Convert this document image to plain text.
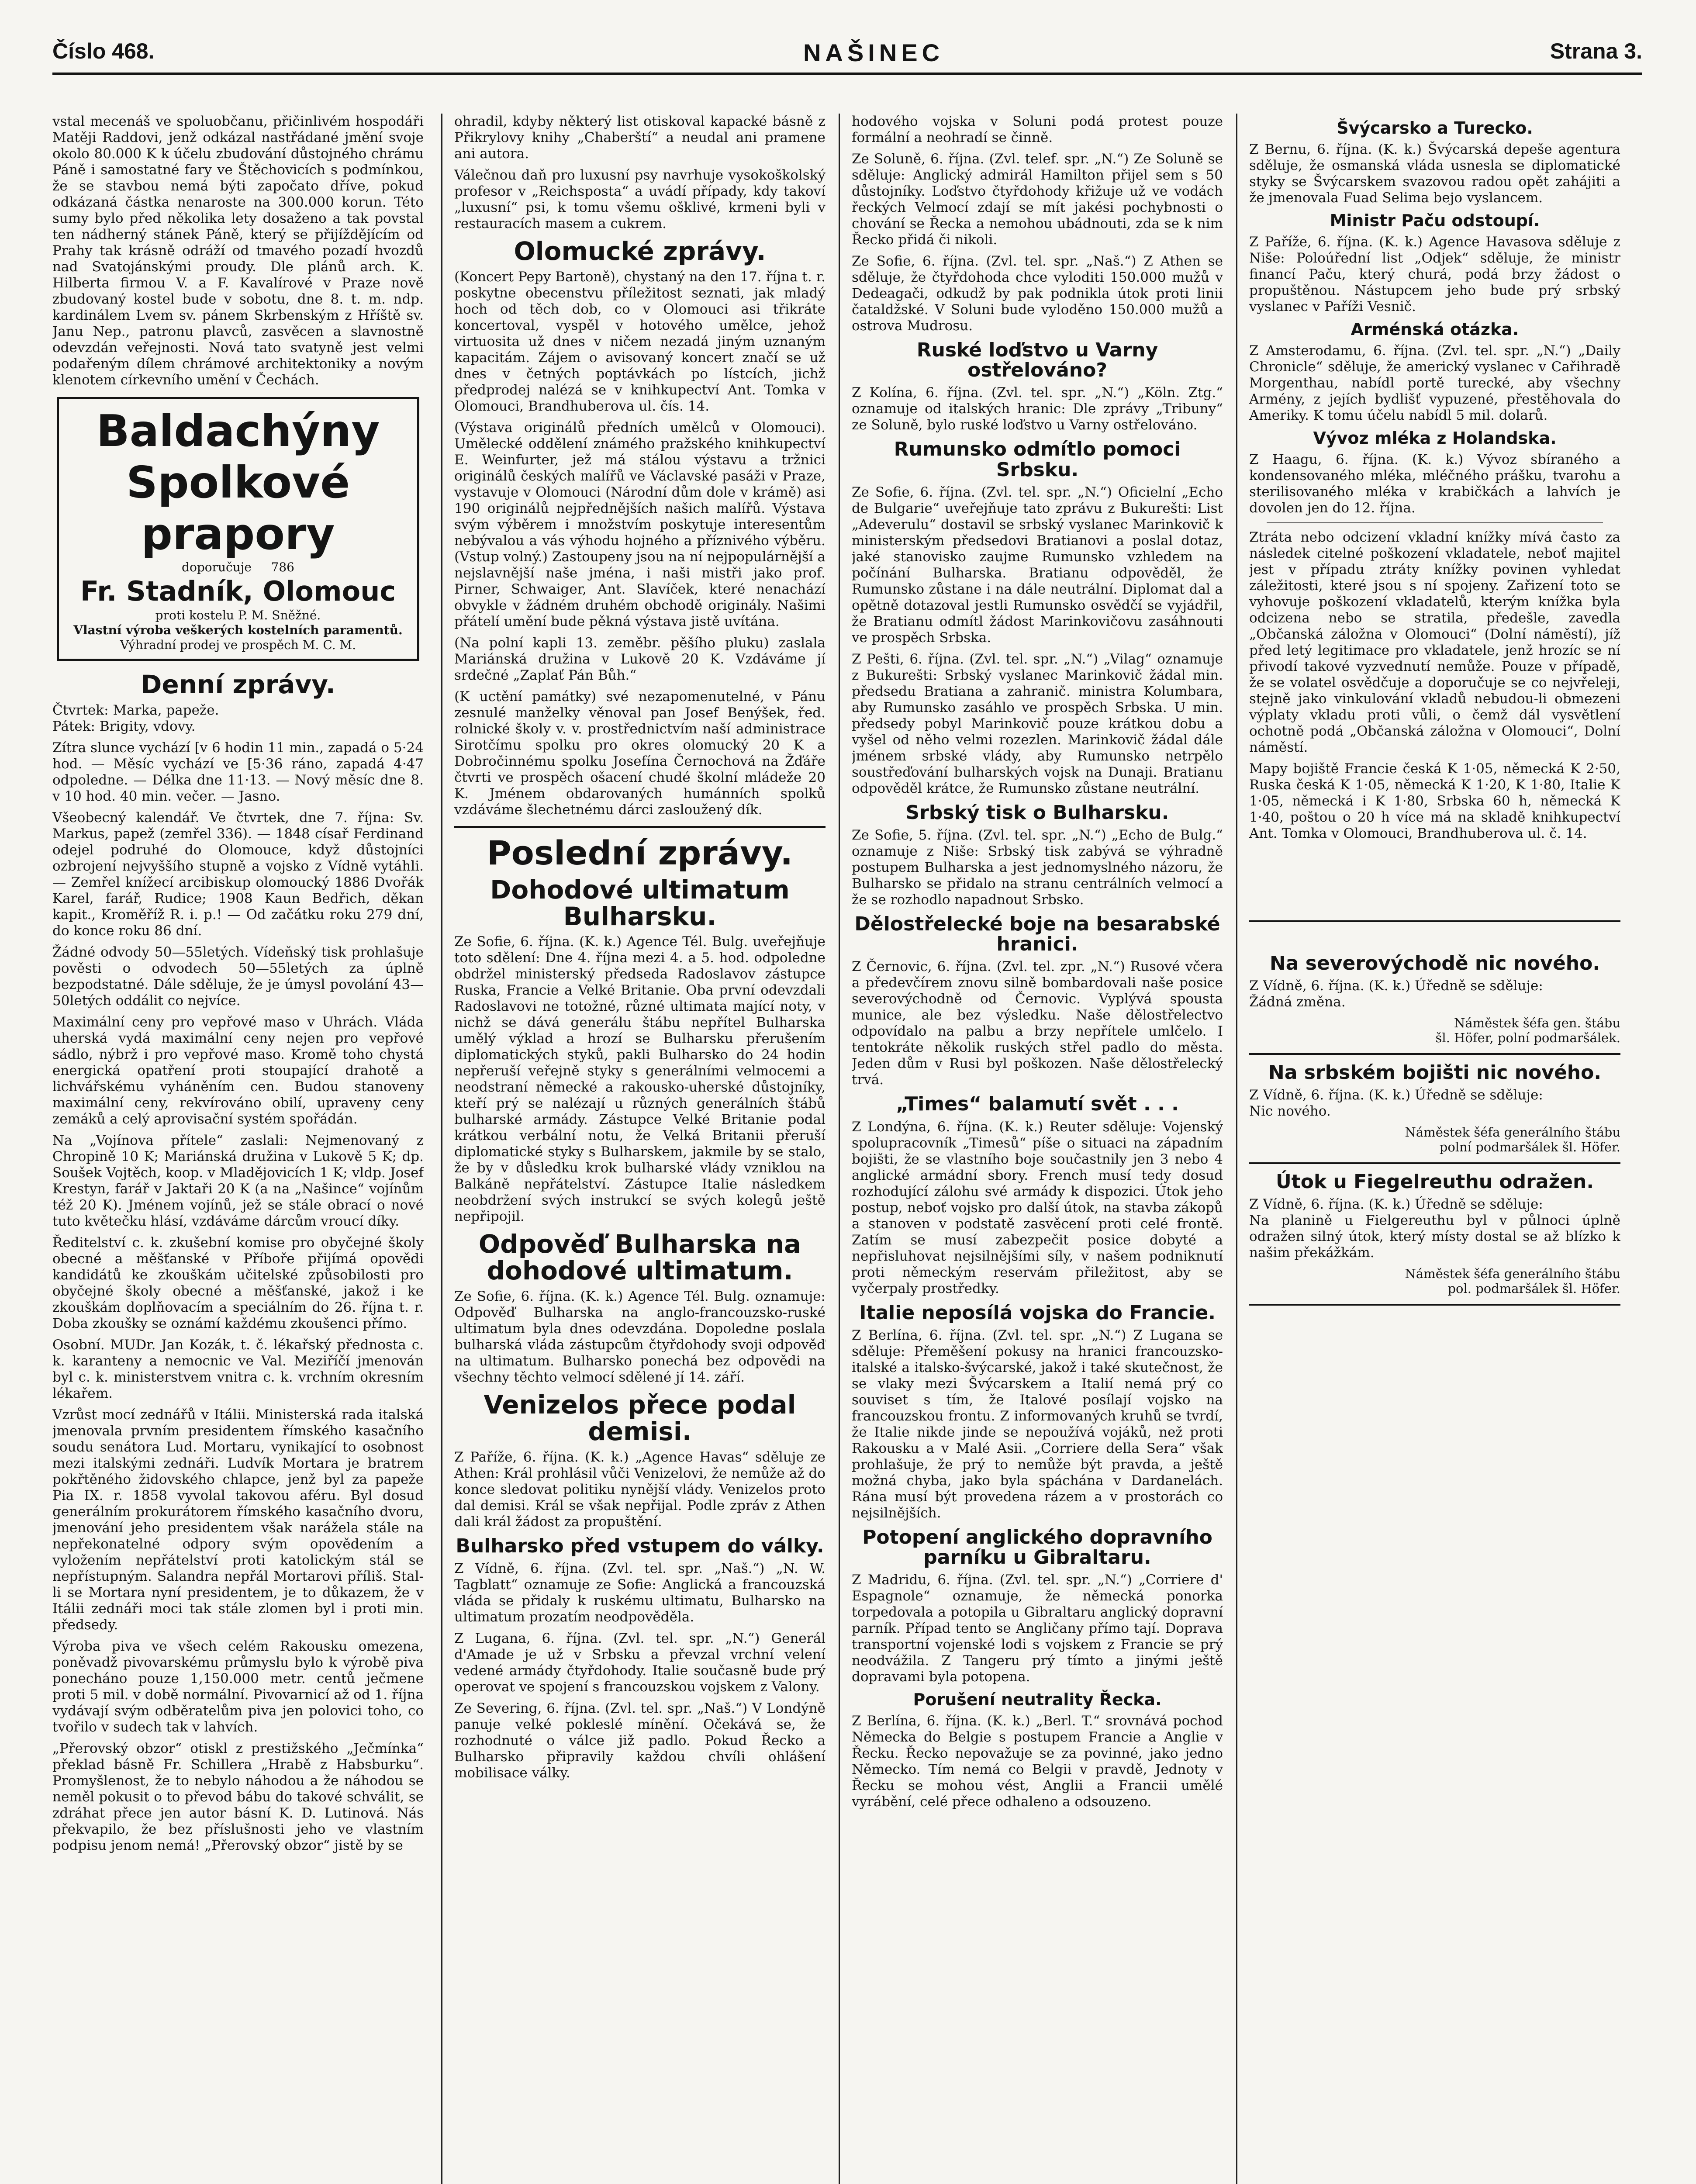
Číslo 468.	NAŠINEC	Strana 3.

vstal mecenáš ve spoluobčanu, přičinlivém hospodáři Matěji Raddovi, jenž odkázal nastřádané jmění svoje okolo 80.000 K k účelu zbudování důstojného chrámu Páně i samostatné fary ve Štěchovicích s podmínkou, že se stavbou nemá býti započato dříve, pokud odkázaná částka nenaroste na 300.000 korun. Této sumy bylo před několika lety dosaženo a tak povstal ten nádherný stánek Páně, který se přijíždějícím od Prahy tak krásně odráží od tmavého pozadí hvozdů nad Svatojánskými proudy. Dle plánů arch. K. Hilberta firmou V. a F. Kavalírové v Praze nově zbudovaný kostel bude v sobotu, dne 8. t. m. ndp. kardinálem Lvem sv. pánem Skrbenským z Hříště sv. Janu Nep., patronu plavců, zasvěcen a slavnostně odevzdán veřejnosti. Nová tato svatyně jest velmi podařeným dílem chrámové architektoniky a novým klenotem církevního umění v Čechách.

Baldachýny
Spolkové
prapory
doporučuje 786
Fr. Stadník, Olomouc
proti kostelu P. M. Sněžné.
Vlastní výroba veškerých kostelních paramentů.
Výhradní prodej ve prospěch M. C. M.
Denní zprávy.

Čtvrtek: Marka, papeže.

Pátek: Brigity, vdovy.

Zítra slunce vychází [v 6 hodin 11 min., zapadá o 5·24 hod. — Měsíc vychází ve [5·36 ráno, zapadá 4·47 odpoledne. — Délka dne 11·13. — Nový měsíc dne 8. v 10 hod. 40 min. večer. — Jasno.

Všeobecný kalendář. Ve čtvrtek, dne 7. října: Sv. Markus, papež (zemřel 336). — 1848 císař Ferdinand odejel podruhé do Olomouce, když důstojníci ozbrojení nejvyššího stupně a vojsko z Vídně vytáhli. — Zemřel knížecí arcibiskup olomoucký 1886 Dvořák Karel, farář, Rudice; 1908 Kaun Bedřich, děkan kapit., Kroměříž R. i. p.! — Od začátku roku 279 dní, do konce roku 86 dní.

Žádné odvody 50—55letých. Vídeňský tisk prohlašuje pověsti o odvodech 50—55letých za úplně bezpodstatné. Dále sděluje, že je úmysl povolání 43—50letých oddálit co nejvíce.

Maximální ceny pro vepřové maso v Uhrách. Vláda uherská vydá maximální ceny nejen pro vepřové sádlo, nýbrž i pro vepřové maso. Kromě toho chystá energická opatření proti stoupající drahotě a lichvářskému vyháněním cen. Budou stanoveny maximální ceny, rekvírováno obilí, upraveny ceny zemáků a celý aprovisační systém spořádán.

Na „Vojínova přítele“ zaslali: Nejmenovaný z Chropině 10 K; Mariánská družina v Lukově 5 K; dp. Soušek Vojtěch, koop. v Mladějovicích 1 K; vldp. Josef Krestyn, farář v Jaktaři 20 K (a na „Našince“ vojínům též 20 K). Jménem vojínů, jež se stále obrací o nové tuto květečku hlásí, vzdáváme dárcům vroucí díky.

Ředitelství c. k. zkušební komise pro obyčejné školy obecné a měšťanské v Příboře přijímá opovědi kandidátů ke zkouškám učitelské způsobilosti pro obyčejné školy obecné a měšťanské, jakož i ke zkouškám doplňovacím a speciálním do 26. října t. r. Doba zkoušky se oznámí každému zkoušenci přímo.

Osobní. MUDr. Jan Kozák, t. č. lékařský přednosta c. k. karanteny a nemocnic ve Val. Meziříčí jmenován byl c. k. ministerstvem vnitra c. k. vrchním okresním lékařem.

Vzrůst mocí zednářů v Itálii. Ministerská rada italská jmenovala prvním presidentem římského kasačního soudu senátora Lud. Mortaru, vynikající to osobnost mezi italskými zednáři. Ludvík Mortara je bratrem pokřtěného židovského chlapce, jenž byl za papeže Pia IX. r. 1858 vyvolal takovou aféru. Byl dosud generálním prokurátorem římského kasačního dvoru, jmenování jeho presidentem však narážela stále na nepřekonatelné odpory svým opovědením a vyložením nepřátelství proti katolickým stál se nepřístupným. Salandra nepřál Mortarovi příliš. Stal-li se Mortara nyní presidentem, je to důkazem, že v Itálii zednáři moci tak stále zlomen byl i proti min. předsedy.

Výroba piva ve všech celém Rakousku omezena, poněvadž pivovarskému průmyslu bylo k výrobě piva ponecháno pouze 1,150.000 metr. centů ječmene proti 5 mil. v době normální. Pivovarnicí až od 1. října vydávají svým odběratelům piva jen polovici toho, co tvořilo v sudech tak v lahvích.

„Přerovský obzor“ otiskl z prestižského „Ječmínka“ překlad básně Fr. Schillera „Hrabě z Habsburku“. Promyšlenost, že to nebylo náhodou a že náhodou se neměl pokusit o to převod bábu do takové schválit, se zdráhat přece jen autor básní K. D. Lutinová. Nás překvapilo, že bez příslušnosti jeho ve vlastním podpisu jenom nemá! „Přerovský obzor“ jistě by se

ohradil, kdyby některý list otiskoval kapacké básně z Přikrylovy knihy „Chaberští“ a neudal ani pramene ani autora.

Válečnou daň pro luxusní psy navrhuje vysokoškolský profesor v „Reichsposta“ a uvádí případy, kdy takoví „luxusní“ psi, k tomu všemu ošklivé, krmeni byli v restauracích masem a cukrem.

Olomucké zprávy.

(Koncert Pepy Bartoně), chystaný na den 17. října t. r. poskytne obecenstvu příležitost seznati, jak mladý hoch od těch dob, co v Olomouci asi třikráte koncertoval, vyspěl v hotového umělce, jehož virtuosita už dnes v ničem nezadá jiným uznaným kapacitám. Zájem o avisovaný koncert značí se už dnes v četných poptávkách po lístcích, jichž předprodej nalézá se v knihkupectví Ant. Tomka v Olomouci, Brandhuberova ul. čís. 14.

(Výstava originálů předních umělců v Olomouci). Umělecké oddělení známého pražského knihkupectví E. Weinfurter, jež má stálou výstavu a tržnici originálů českých malířů ve Václavské pasáži v Praze, vystavuje v Olomouci (Národní dům dole v krámě) asi 190 originálů nejpřednějších našich malířů. Výstava svým výběrem i množstvím poskytuje interesentům nebývalou a vás výhodu hojného a příznivého výběru. (Vstup volný.) Zastoupeny jsou na ní nejpopulárnější a nejslavnější naše jména, i naši mistři jako prof. Pirner, Schwaiger, Ant. Slavíček, které nenachází obvykle v žádném druhém obchodě originály. Našimi přátelí umění bude pěkná výstava jistě uvítána.

(Na polní kapli 13. zeměbr. pěšího pluku) zaslala Mariánská družina v Lukově 20 K. Vzdáváme jí srdečné „Zaplať Pán Bůh.“

(K uctění památky) své nezapomenutelné, v Pánu zesnulé manželky věnoval pan Josef Benýšek, řed. rolnické školy v. v. prostřednictvím naší administrace Sirotčímu spolku pro okres olomucký 20 K a Dobročinnému spolku Josefína Černochová na Žďáře čtvrti ve prospěch ošacení chudé školní mládeže 20 K. Jménem obdarovaných humánních spolků vzdáváme šlechetnému dárci zasloužený dík.

Poslední zprávy.
Dohodové ultimatum Bulharsku.

Ze Sofie, 6. října. (K. k.) Agence Tél. Bulg. uveřejňuje toto sdělení: Dne 4. října mezi 4. a 5. hod. odpoledne obdržel ministerský předseda Radoslavov zástupce Ruska, Francie a Velké Britanie. Oba první odevzdali Radoslavovi ne totožné, různé ultimata mající noty, v nichž se dává generálu štábu nepřítel Bulharska umělý výklad a hrozí se Bulharsku přerušením diplomatických styků, pakli Bulharsko do 24 hodin nepřeruší veřejně styky s generálními velmocemi a neodstraní německé a rakousko-uherské důstojníky, kteří prý se nalézají u různých generálních štábů bulharské armády. Zástupce Velké Britanie podal krátkou verbální notu, že Velká Britanii přeruší diplomatické styky s Bulharskem, jakmile by se stalo, že by v důsledku krok bulharské vlády vzniklou na Balkáně nepřátelství. Zástupce Italie následkem neobdržení svých instrukcí se svých kolegů ještě nepřipojil.

Odpověď Bulharska na dohodové ultimatum.

Ze Sofie, 6. října. (K. k.) Agence Tél. Bulg. oznamuje: Odpověď Bulharska na anglo-francouzsko-ruské ultimatum byla dnes odevzdána. Dopoledne poslala bulharská vláda zástupcům čtyřdohody svoji odpověď na ultimatum. Bulharsko ponechá bez odpovědi na všechny těchto velmocí sdělené jí 14. září.

Venizelos přece podal demisi.

Z Paříže, 6. října. (K. k.) „Agence Havas“ sděluje ze Athen: Král prohlásil vůči Venizelovi, že nemůže až do konce sledovat politiku nynější vlády. Venizelos proto dal demisi. Král se však nepřijal. Podle zpráv z Athen dali král žádost za propuštění.

Bulharsko před vstupem do války.

Z Vídně, 6. října. (Zvl. tel. spr. „Naš.“) „N. W. Tagblatt“ oznamuje ze Sofie: Anglická a francouzská vláda se přidaly k ruskému ultimatu, Bulharsko na ultimatum prozatím neodpověděla.

Z Lugana, 6. října. (Zvl. tel. spr. „N.“) Generál d'Amade je už v Srbsku a převzal vrchní velení vedené armády čtyřdohody. Italie současně bude prý operovat ve spojení s francouzskou vojskem z Valony.

Ze Severing, 6. října. (Zvl. tel. spr. „Naš.“) V Londýně panuje velké pokleslé mínění. Očekává se, že rozhodnuté o válce již padlo. Pokud Řecko a Bulharsko připravily každou chvíli ohlášení mobilisace války.

hodového vojska v Soluni podá protest pouze formální a neohradí se činně.

Ze Soluně, 6. října. (Zvl. telef. spr. „N.“) Ze Soluně se sděluje: Anglický admirál Hamilton přijel sem s 50 důstojníky. Loďstvo čtyřdohody křižuje už ve vodách řeckých Velmocí zdají se mít jakési pochybnosti o chování se Řecka a nemohou ubádnouti, zda se k nim Řecko přidá či nikoli.

Ze Sofie, 6. října. (Zvl. tel. spr. „Naš.“) Z Athen se sděluje, že čtyřdohoda chce vyloditi 150.000 mužů v Dedeagači, odkudž by pak podnikla útok proti linii čataldžské. V Soluni bude vyloděno 150.000 mužů a ostrova Mudrosu.

Ruské loďstvo u Varny ostřelováno?

Z Kolína, 6. října. (Zvl. tel. spr. „N.“) „Köln. Ztg.“ oznamuje od italských hranic: Dle zprávy „Tribuny“ ze Soluně, bylo ruské loďstvo u Varny ostřelováno.

Rumunsko odmítlo pomoci Srbsku.

Ze Sofie, 6. října. (Zvl. tel. spr. „N.“) Oficielní „Echo de Bulgarie“ uveřejňuje tato zprávu z Bukurešti: List „Adeverulu“ dostavil se srbský vyslanec Marinkovič k ministerským předsedovi Bratianovi a poslal dotaz, jaké stanovisko zaujme Rumunsko vzhledem na počínání Bulharska. Bratianu odpověděl, že Rumunsko zůstane i na dále neutrální. Diplomat dal a opětně dotazoval jestli Rumunsko osvědčí se vyjádřil, že Bratianu odmítl žádost Marinkovičovu zasáhnouti ve prospěch Srbska.

Z Pešti, 6. října. (Zvl. tel. spr. „N.“) „Vilag“ oznamuje z Bukurešti: Srbský vyslanec Marinkovič žádal min. předsedu Bratiana a zahranič. ministra Kolumbara, aby Rumunsko zasáhlo ve prospěch Srbska. U min. předsedy pobyl Marinkovič pouze krátkou dobu a vyšel od něho velmi rozezlen. Marinkovič žádal dále jménem srbské vlády, aby Rumunsko netrpělo soustřeďování bulharských vojsk na Dunaji. Bratianu odpověděl krátce, že Rumunsko zůstane neutrální.

Srbský tisk o Bulharsku.

Ze Sofie, 5. října. (Zvl. tel. spr. „N.“) „Echo de Bulg.“ oznamuje z Niše: Srbský tisk zabývá se výhradně postupem Bulharska a jest jednomyslného názoru, že Bulharsko se přidalo na stranu centrálních velmocí a že se rozhodlo napadnout Srbsko.

Dělostřelecké boje na besarabské hranici.

Z Černovic, 6. října. (Zvl. tel. zpr. „N.“) Rusové včera a předevčírem znovu silně bombardovali naše posice severovýchodně od Černovic. Vyplývá spousta munice, ale bez výsledku. Naše dělostřelectvo odpovídalo na palbu a brzy nepřítele umlčelo. I tentokráte několik ruských střel padlo do města. Jeden dům v Rusi byl poškozen. Naše dělostřelecký trvá.

„Times“ balamutí svět . . .

Z Londýna, 6. října. (K. k.) Reuter sděluje: Vojenský spolupracovník „Timesů“ píše o situaci na západním bojišti, že se vlastního boje součastnily jen 3 nebo 4 anglické armádní sbory. French musí tedy dosud rozhodující zálohu své armády k dispozici. Útok jeho postup, neboť vojsko pro další útok, na stavba zákopů a stanoven v podstatě zasvěcení proti celé frontě. Zatím se musí zabezpečit posice dobyté a nepřisluhovat nejsilnějšími síly, v našem podniknutí proti německým reservám přiležitost, aby se vyčerpaly prostředky.

Italie neposílá vojska do Francie.

Z Berlína, 6. října. (Zvl. tel. spr. „N.“) Z Lugana se sděluje: Přeměšení pokusy na hranici francouzsko-italské a italsko-švýcarské, jakož i také skutečnost, že se vlaky mezi Švýcarskem a Italií nemá prý co souviset s tím, že Italové posílají vojsko na francouzskou frontu. Z informovaných kruhů se tvrdí, že Italie nikde jinde se nepoužívá vojáků, než proti Rakousku a v Malé Asii. „Corriere della Sera“ však prohlašuje, že prý to nemůže být pravda, a ještě možná chyba, jako byla spáchána v Dardanelách. Rána musí být provedena rázem a v prostorách co nejsilnějších.

Potopení anglického dopravního parníku u Gibraltaru.

Z Madridu, 6. října. (Zvl. tel. spr. „N.“) „Corriere d' Espagnole“ oznamuje, že německá ponorka torpedovala a potopila u Gibraltaru anglický dopravní parník. Případ tento se Angličany přímo tají. Doprava transportní vojenské lodi s vojskem z Francie se prý neodvážila. Z Tangeru prý tímto a jinými ještě dopravami byla potopena.

Porušení neutrality Řecka.

Z Berlína, 6. října. (K. k.) „Berl. T.“ srovnává pochod Německa do Belgie s postupem Francie a Anglie v Řecku. Řecko nepovažuje se za povinné, jako jedno Německo. Tím nemá co Belgii v pravdě, Jednoty v Řecku se mohou vést, Anglii a Francii umělé vyrábění, celé přece odhaleno a odsouzeno.

Švýcarsko a Turecko.

Z Bernu, 6. října. (K. k.) Švýcarská depeše agentura sděluje, že osmanská vláda usnesla se diplomatické styky se Švýcarskem svazovou radou opět zahájiti a že jmenovala Fuad Selima bejo vyslancem.

Ministr Paču odstoupí.

Z Paříže, 6. října. (K. k.) Agence Havasova sděluje z Niše: Poloúřední list „Odjek“ sděluje, že ministr financí Paču, který churá, podá brzy žádost o propuštěnou. Nástupcem jeho bude prý srbský vyslanec v Paříži Vesnič.

Arménská otázka.

Z Amsterodamu, 6. října. (Zvl. tel. spr. „N.“) „Daily Chronicle“ sděluje, že americký vyslanec v Cařihradě Morgenthau, nabídl portě turecké, aby všechny Armény, z jejích bydlišť vypuzené, přestěhovala do Ameriky. K tomu účelu nabídl 5 mil. dolarů.

Vývoz mléka z Holandska.

Z Haagu, 6. října. (K. k.) Vývoz sbíraného a kondensovaného mléka, mléčného prášku, tvarohu a sterilisovaného mléka v krabičkách a lahvích je dovolen jen do 12. října.

Ztráta nebo odcizení vkladní knížky mívá často za následek citelné poškození vkladatele, neboť majitel jest v případu ztráty knížky povinen vyhledat záležitosti, které jsou s ní spojeny. Zařizení toto se vyhovuje poškození vkladatelů, kterým knížka byla odcizena nebo se stratila, předešle, zavedla „Občanská záložna v Olomouci“ (Dolní náměstí), jíž před letý legitimace pro vkladatele, jenž hrozíc se ní přivodí takové vyzvednutí nemůže. Pouze v případě, že se volatel osvědčuje a doporučuje se co nejvřeleji, stejně jako vinkulování vkladů nebudou-li obmezeni výplaty vkladu proti vůli, o čemž dál vysvětlení ochotně podá „Občanská záložna v Olomouci“, Dolní náměstí.

Mapy bojiště Francie česká K 1·05, německá K 2·50, Ruska česká K 1·05, německá K 1·20, K 1·80, Italie K 1·05, německá i K 1·80, Srbska 60 h, německá K 1·40, poštou o 20 h více má na skladě knihkupectví Ant. Tomka v Olomouci, Brandhuberova ul. č. 14.

Na severovýchodě nic nového.

Z Vídně, 6. října. (K. k.) Úředně se sděluje:

Žádná změna.

Náměstek šéfa gen. štábu
šl. Höfer, polní podmaršálek.
Na srbském bojišti nic nového.

Z Vídně, 6. října. (K. k.) Úředně se sděluje:

Nic nového.

Náměstek šéfa generálního štábu
polní podmaršálek šl. Höfer.
Útok u Fiegelreuthu odražen.

Z Vídně, 6. října. (K. k.) Úředně se sděluje:

Na planině u Fielgereuthu byl v půlnoci úplně odražen silný útok, který místy dostal se až blízko k našim překážkám.

Náměstek šéfa generálního štábu
pol. podmaršálek šl. Höfer.
